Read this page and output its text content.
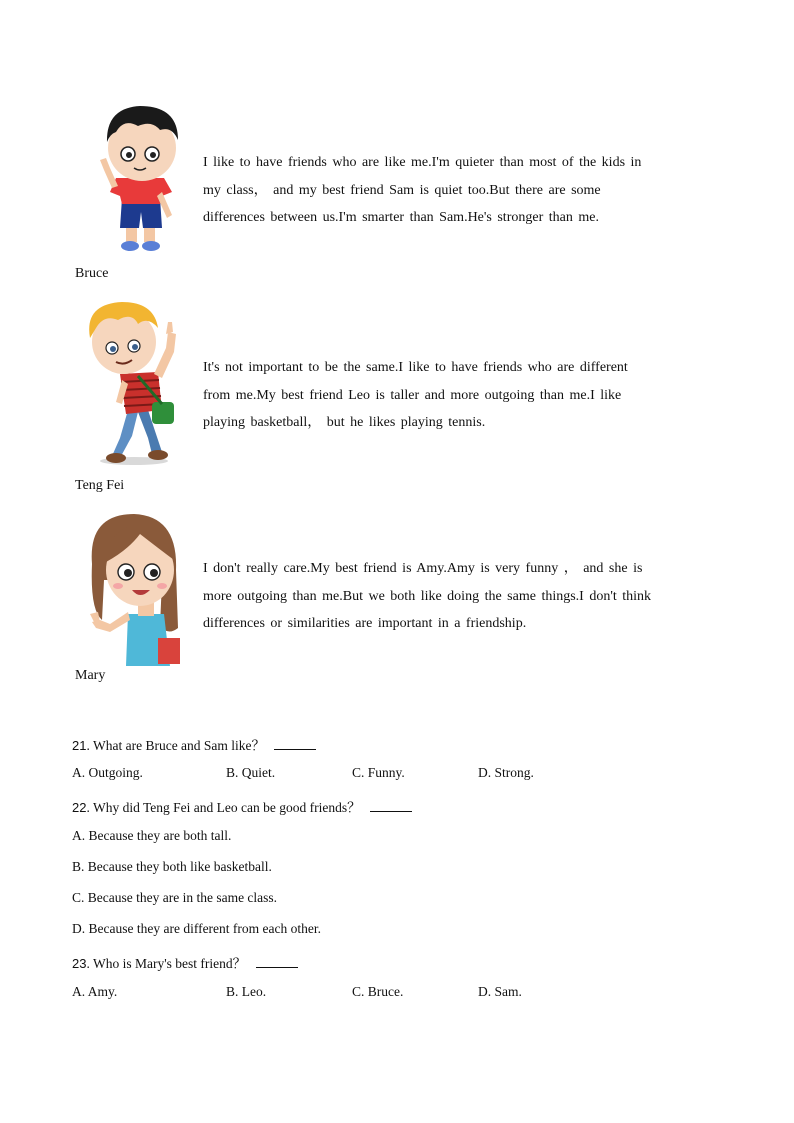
I like to have friends who are like me.I'm quieter than most of the kids in
my class， and my best friend Sam is quiet too.But there are some
differences between us.I'm smarter than Sam.He's stronger than me.
Bruce
It's not important to be the same.I like to have friends who are different
from me.My best friend Leo is taller and more outgoing than me.I like
playing basketball， but he likes playing tennis.
Teng Fei
I don't really care.My best friend is Amy.Amy is very funny ， and she is
more outgoing than me.But we both like doing the same things.I don't think
differences or similarities are important in a friendship.
Mary
21. What are Bruce and Sam like？
A. Outgoing.	B. Quiet.	C. Funny.	D. Strong.
22. Why did Teng Fei and Leo can be good friends？
A. Because they are both tall.
B. Because they both like basketball.
C. Because they are in the same class.
D. Because they are different from each other.
23. Who is Mary's best friend？
A. Amy.	B. Leo.	C. Bruce.	D. Sam.
